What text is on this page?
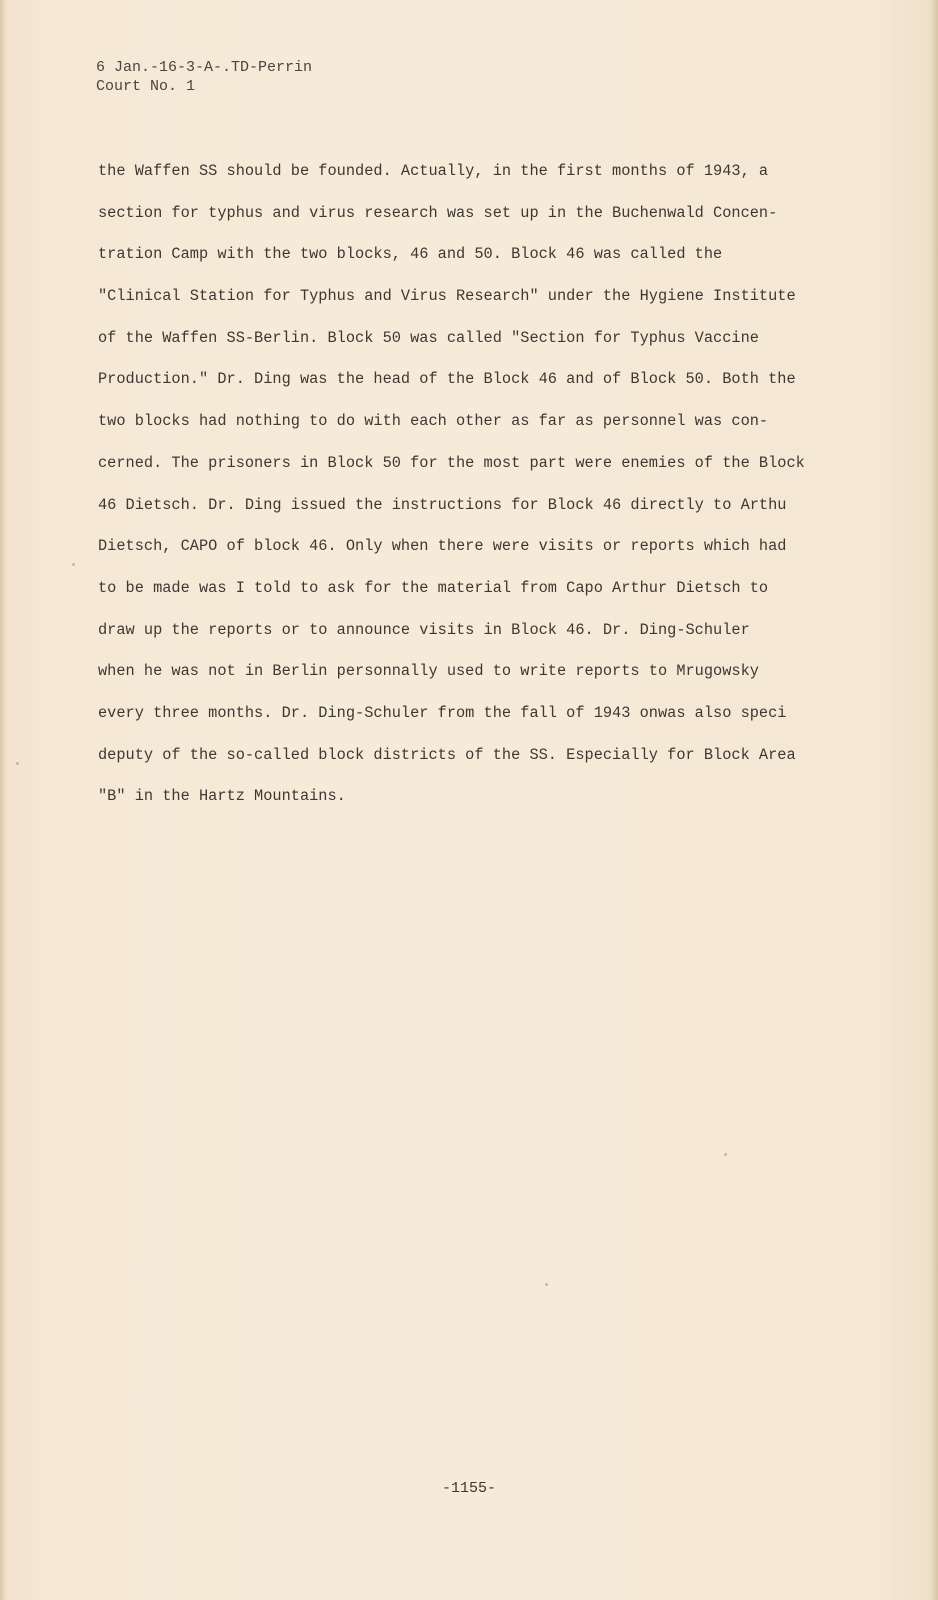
6 Jan.-16-3-A-.TD-Perrin
Court No. 1
the Waffen SS should be founded. Actually, in the first months of 1943, a
section for typhus and virus research was set up in the Buchenwald Concen-
tration Camp with the two blocks, 46 and 50. Block 46 was called the
"Clinical Station for Typhus and Virus Research" under the Hygiene Institute
of the Waffen SS-Berlin. Block 50 was called "Section for Typhus Vaccine
Production." Dr. Ding was the head of the Block 46 and of Block 50. Both the
two blocks had nothing to do with each other as far as personnel was con-
cerned. The prisoners in Block 50 for the most part were enemies of the Block
46 Dietsch. Dr. Ding issued the instructions for Block 46 directly to Arthu
Dietsch, CAPO of block 46. Only when there were visits or reports which had
to be made was I told to ask for the material from Capo Arthur Dietsch to
draw up the reports or to announce visits in Block 46. Dr. Ding-Schuler
when he was not in Berlin personnally used to write reports to Mrugowsky
every three months. Dr. Ding-Schuler from the fall of 1943 onwas also speci
deputy of the so-called block districts of the SS. Especially for Block Area
"B" in the Hartz Mountains.
-1155-
